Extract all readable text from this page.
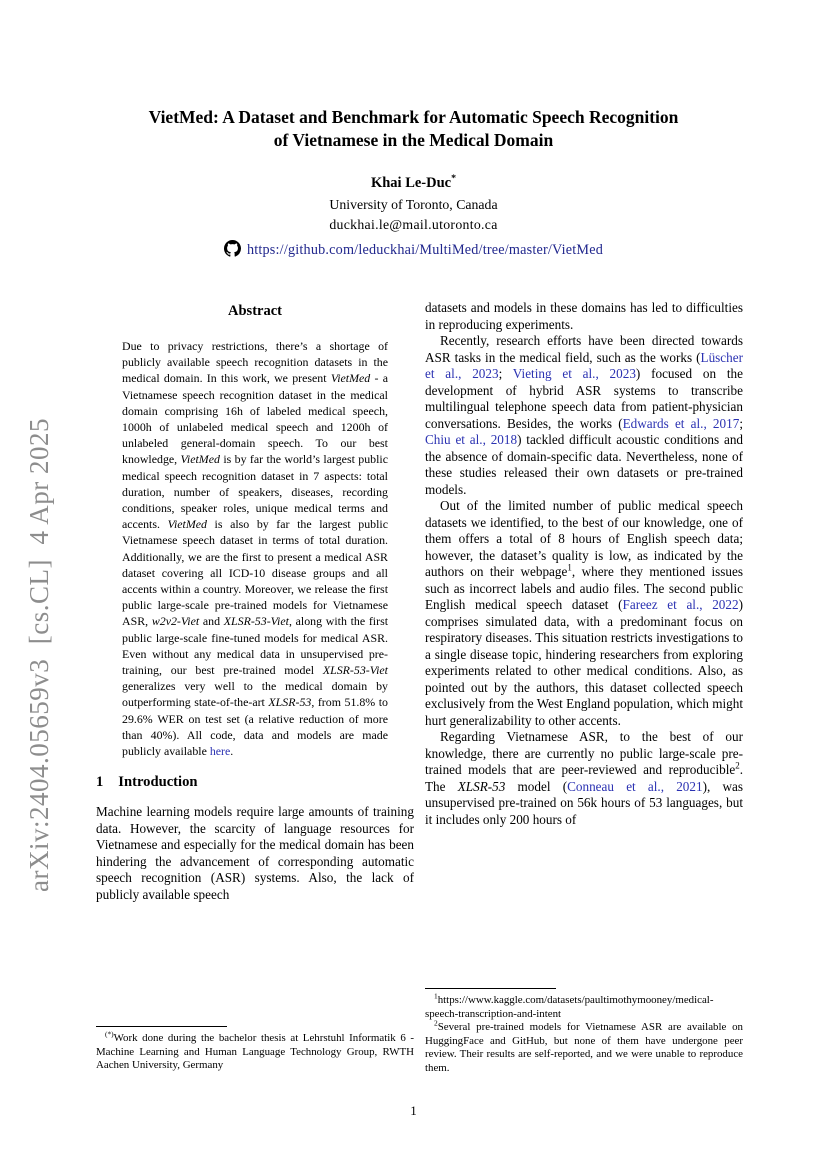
arXiv:2404.05659v3  [cs.CL]  4 Apr 2025
VietMed: A Dataset and Benchmark for Automatic Speech Recognition
of Vietnamese in the Medical Domain
Khai Le-Duc*
University of Toronto, Canada
duckhai.le@mail.utoronto.ca
https://github.com/leduckhai/MultiMed/tree/master/VietMed
Abstract

Due to privacy restrictions, there’s a shortage of publicly available speech recognition datasets in the medical domain. In this work, we present VietMed - a Vietnamese speech recognition dataset in the medical domain comprising 16h of labeled medical speech, 1000h of unlabeled medical speech and 1200h of unlabeled general-domain speech. To our best knowledge, VietMed is by far the world’s largest public medical speech recognition dataset in 7 aspects: total duration, number of speakers, diseases, recording conditions, speaker roles, unique medical terms and accents. VietMed is also by far the largest public Vietnamese speech dataset in terms of total duration. Additionally, we are the first to present a medical ASR dataset covering all ICD-10 disease groups and all accents within a country. Moreover, we release the first public large-scale pre-trained models for Vietnamese ASR, w2v2-Viet and XLSR-53-Viet, along with the first public large-scale fine-tuned models for medical ASR. Even without any medical data in unsupervised pre-training, our best pre-trained model XLSR-53-Viet generalizes very well to the medical domain by outperforming state-of-the-art XLSR-53, from 51.8% to 29.6% WER on test set (a relative reduction of more than 40%). All code, data and models are made publicly available here.

1 Introduction

Machine learning models require large amounts of training data. However, the scarcity of language resources for Vietnamese and especially for the medical domain has been hindering the advancement of corresponding automatic speech recognition (ASR) systems. Also, the lack of publicly available speech

datasets and models in these domains has led to difficulties in reproducing experiments.

Recently, research efforts have been directed towards ASR tasks in the medical field, such as the works (Lüscher et al., 2023; Vieting et al., 2023) focused on the development of hybrid ASR systems to transcribe multilingual telephone speech data from patient-physician conversations. Besides, the works (Edwards et al., 2017; Chiu et al., 2018) tackled difficult acoustic conditions and the absence of domain-specific data. Nevertheless, none of these studies released their own datasets or pre-trained models.

Out of the limited number of public medical speech datasets we identified, to the best of our knowledge, one of them offers a total of 8 hours of English speech data; however, the dataset’s quality is low, as indicated by the authors on their webpage$^1$, where they mentioned issues such as incorrect labels and audio files. The second public English medical speech dataset (Fareez et al., 2022) comprises simulated data, with a predominant focus on respiratory diseases. This situation restricts investigations to a single disease topic, hindering researchers from exploring experiments related to other medical conditions. Also, as pointed out by the authors, this dataset collected speech exclusively from the West England population, which might hurt generalizability to other accents.

Regarding Vietnamese ASR, to the best of our knowledge, there are currently no public large-scale pre-trained models that are peer-reviewed and reproducible$^2$. The XLSR-53 model (Conneau et al., 2021), was unsupervised pre-trained on 56k hours of 53 languages, but it includes only 200 hours of

(*)Work done during the bachelor thesis at Lehrstuhl Informatik 6 - Machine Learning and Human Language Technology Group, RWTH Aachen University, Germany

$^1$https://www.kaggle.com/datasets/paultimothymooney/medical-speech-transcription-and-intent

$^2$Several pre-trained models for Vietnamese ASR are available on HuggingFace and GitHub, but none of them have undergone peer review. Their results are self-reported, and we were unable to reproduce them.

1
